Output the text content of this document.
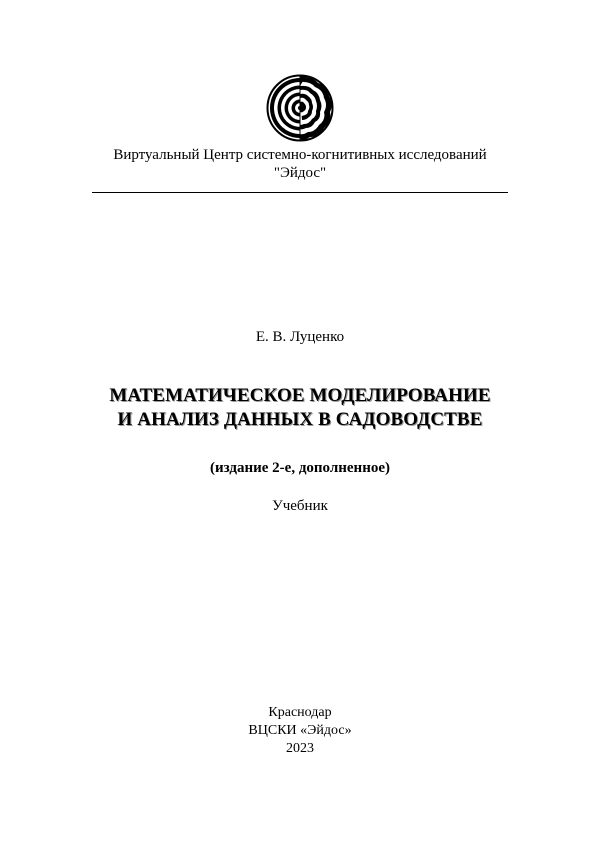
Виртуальный Центр системно-когнитивных исследований
"Эйдос"
Е. В. Луценко
МАТЕМАТИЧЕСКОЕ МОДЕЛИРОВАНИЕ
И АНАЛИЗ ДАННЫХ В САДОВОДСТВЕ
(издание 2-е, дополненное)
Учебник
Краснодар
ВЦСКИ «Эйдос»
2023
